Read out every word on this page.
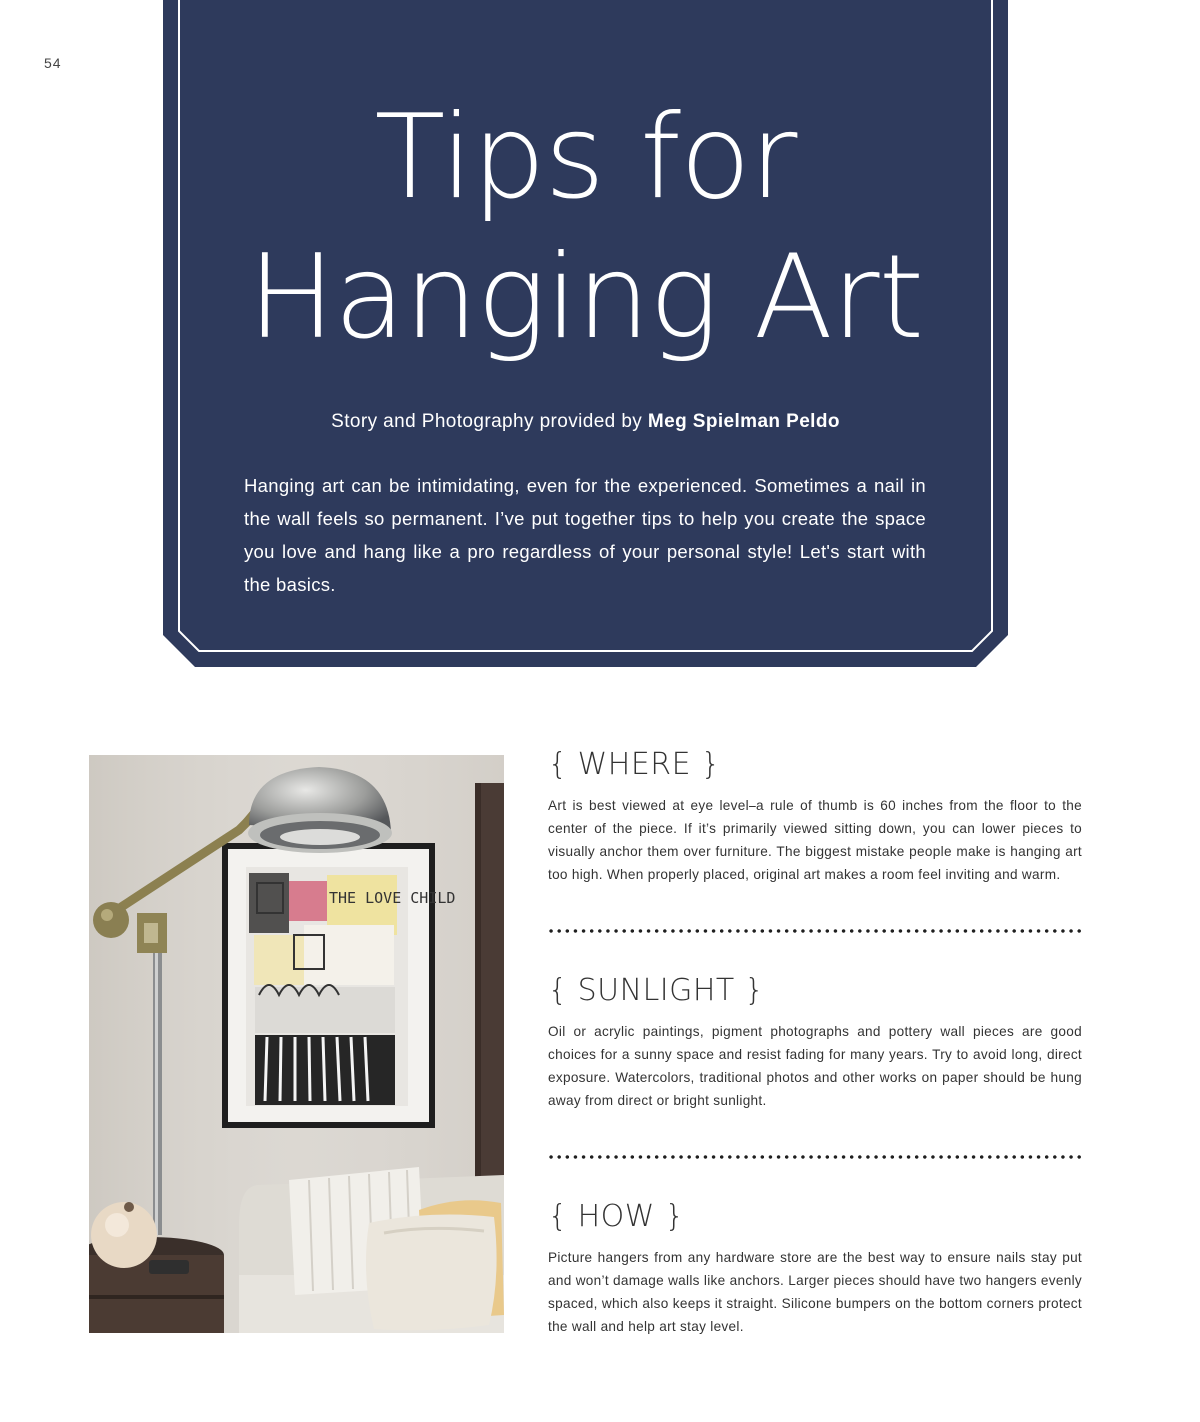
54
Tips for
Hanging Art
Story and Photography provided by Meg Spielman Peldo
Hanging art can be intimidating, even for the experienced. Sometimes a nail in the wall feels so permanent. I’ve put together tips to help you create the space you love and hang like a pro regardless of your personal style! Let's start with the basics.
THE LOVE CHILD
{ WHERE }

Art is best viewed at eye level⎯a rule of thumb is 60 inches from the floor to the center of the piece. If it’s primarily viewed sitting down, you can lower pieces to visually anchor them over furniture. The biggest mistake people make is hanging art too high. When properly placed, original art makes a room feel inviting and warm.

{ SUNLIGHT }

Oil or acrylic paintings, pigment photographs and pottery wall pieces are good choices for a sunny space and resist fading for many years. Try to avoid long, direct exposure. Watercolors, traditional photos and other works on paper should be hung away from direct or bright sunlight.

{ HOW }

Picture hangers from any hardware store are the best way to ensure nails stay put and won’t damage walls like anchors. Larger pieces should have two hangers evenly spaced, which also keeps it straight. Silicone bumpers on the bottom corners protect the wall and help art stay level.
